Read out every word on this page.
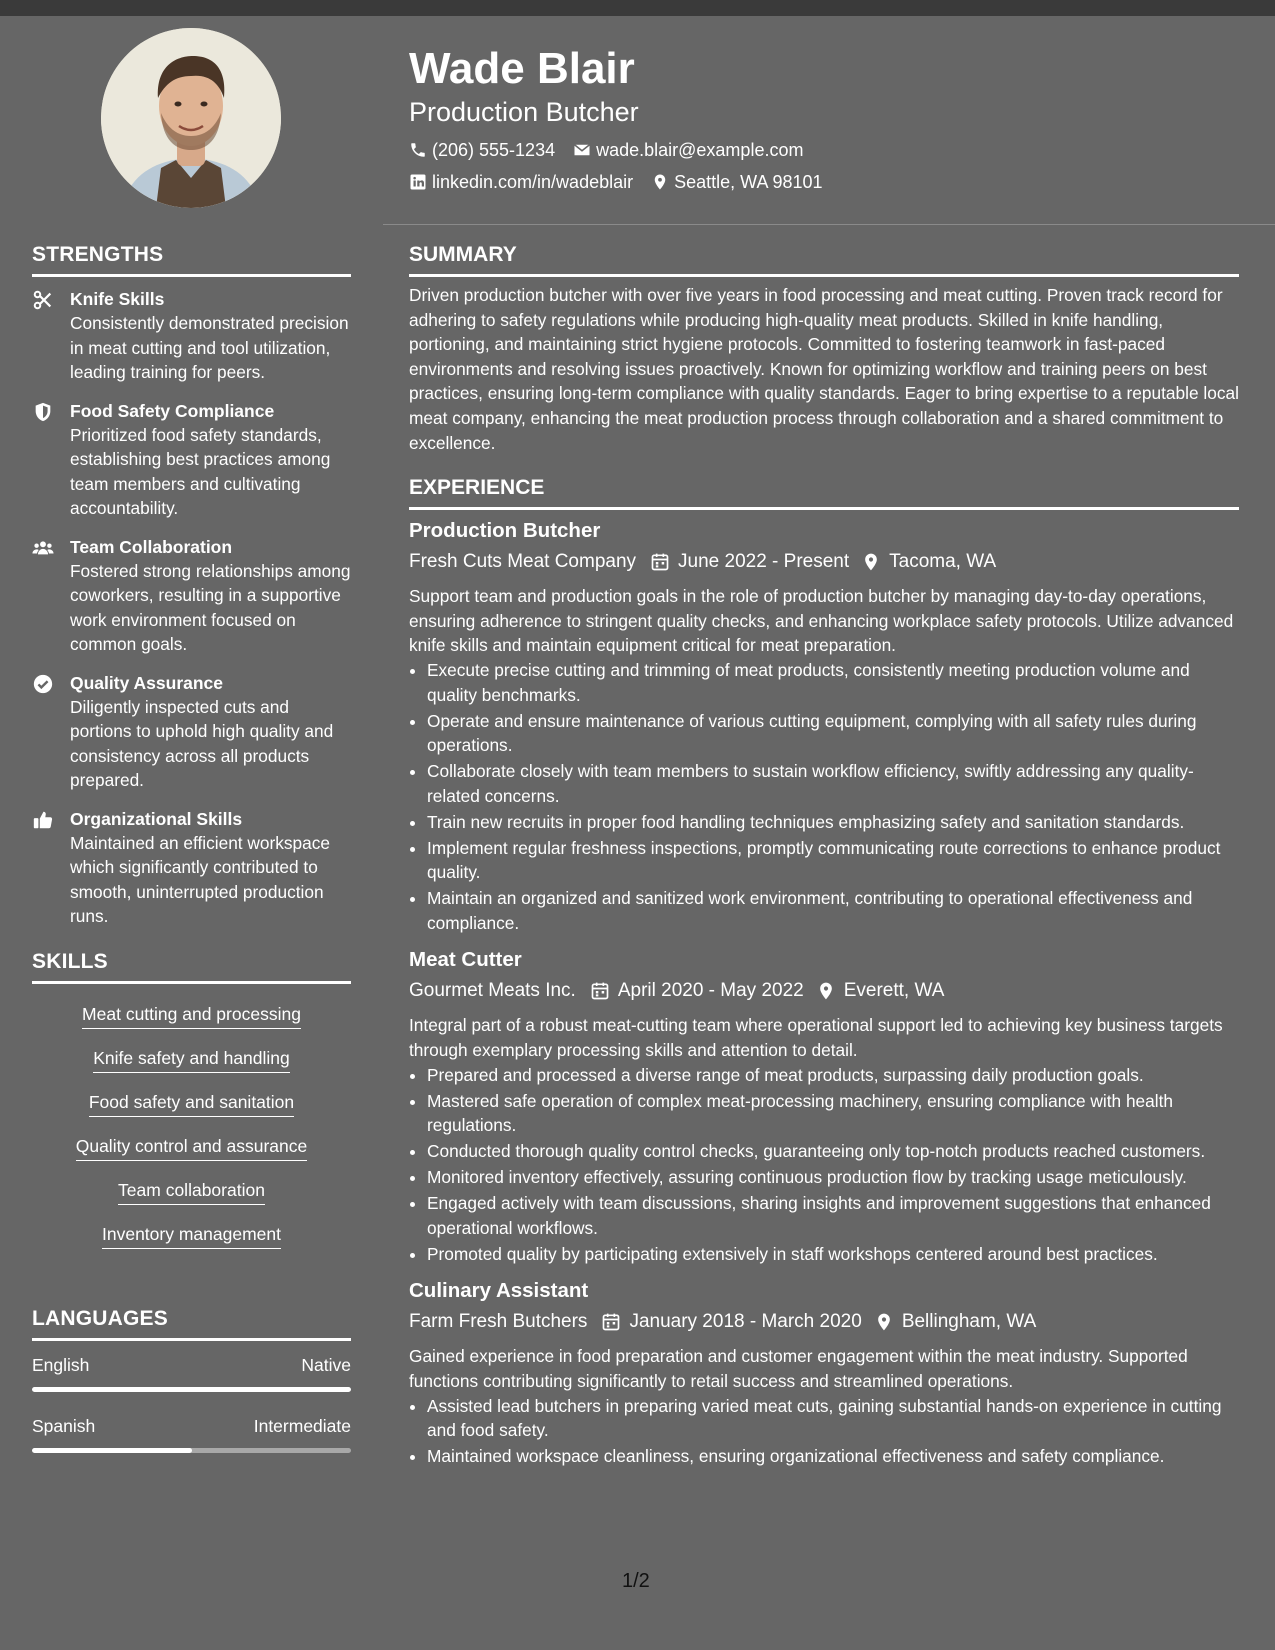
Wade Blair
Production Butcher
(206) 555-1234 wade.blair@example.com
linkedin.com/in/wadeblair Seattle, WA 98101
STRENGTHS
Knife Skills
Consistently demonstrated precision in meat cutting and tool utilization, leading training for peers.
Food Safety Compliance
Prioritized food safety standards, establishing best practices among team members and cultivating accountability.
Team Collaboration
Fostered strong relationships among coworkers, resulting in a supportive work environment focused on common goals.
Quality Assurance
Diligently inspected cuts and portions to uphold high quality and consistency across all products prepared.
Organizational Skills
Maintained an efficient workspace which significantly contributed to smooth, uninterrupted production runs.
SKILLS
Meat cutting and processing
Knife safety and handling
Food safety and sanitation
Quality control and assurance
Team collaboration
Inventory management
LANGUAGES
English	Native
Spanish	Intermediate
SUMMARY

Driven production butcher with over five years in food processing and meat cutting. Proven track record for adhering to safety regulations while producing high-quality meat products. Skilled in knife handling, portioning, and maintaining strict hygiene protocols. Committed to fostering teamwork in fast-paced environments and resolving issues proactively. Known for optimizing workflow and training peers on best practices, ensuring long-term compliance with quality standards. Eager to bring expertise to a reputable local meat company, enhancing the meat production process through collaboration and a shared commitment to excellence.

EXPERIENCE
Production Butcher
Fresh Cuts Meat Company June 2022 - Present Tacoma, WA
Support team and production goals in the role of production butcher by managing day-to-day operations, ensuring adherence to stringent quality checks, and enhancing workplace safety protocols. Utilize advanced knife skills and maintain equipment critical for meat preparation.
• Execute precise cutting and trimming of meat products, consistently meeting production volume and quality benchmarks.
• Operate and ensure maintenance of various cutting equipment, complying with all safety rules during operations.
• Collaborate closely with team members to sustain workflow efficiency, swiftly addressing any quality-related concerns.
• Train new recruits in proper food handling techniques emphasizing safety and sanitation standards.
• Implement regular freshness inspections, promptly communicating route corrections to enhance product quality.
• Maintain an organized and sanitized work environment, contributing to operational effectiveness and compliance.
Meat Cutter
Gourmet Meats Inc. April 2020 - May 2022 Everett, WA
Integral part of a robust meat-cutting team where operational support led to achieving key business targets through exemplary processing skills and attention to detail.
• Prepared and processed a diverse range of meat products, surpassing daily production goals.
• Mastered safe operation of complex meat-processing machinery, ensuring compliance with health regulations.
• Conducted thorough quality control checks, guaranteeing only top-notch products reached customers.
• Monitored inventory effectively, assuring continuous production flow by tracking usage meticulously.
• Engaged actively with team discussions, sharing insights and improvement suggestions that enhanced operational workflows.
• Promoted quality by participating extensively in staff workshops centered around best practices.
Culinary Assistant
Farm Fresh Butchers January 2018 - March 2020 Bellingham, WA
Gained experience in food preparation and customer engagement within the meat industry. Supported functions contributing significantly to retail success and streamlined operations.
• Assisted lead butchers in preparing varied meat cuts, gaining substantial hands-on experience in cutting and food safety.
• Maintained workspace cleanliness, ensuring organizational effectiveness and safety compliance.
1/2
